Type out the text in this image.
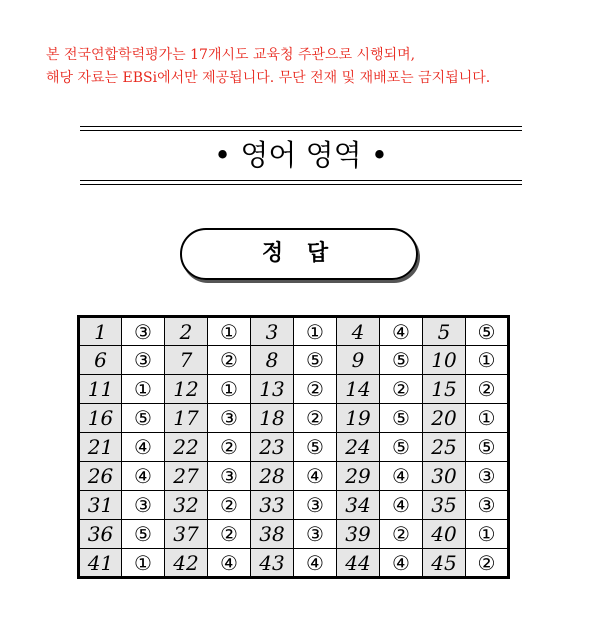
본 전국연합학력평가는 17개시도 교육청 주관으로 시행되며,
해당 자료는 EBSi에서만 제공됩니다. 무단 전재 및 재배포는 금지됩니다.
• 영어 영역 •
정 답
1	③	2	①	3	①	4	④	5	⑤
6	③	7	②	8	⑤	9	⑤	10	①
11	①	12	①	13	②	14	②	15	②
16	⑤	17	③	18	②	19	⑤	20	①
21	④	22	②	23	⑤	24	⑤	25	⑤
26	④	27	③	28	④	29	④	30	③
31	③	32	②	33	③	34	④	35	③
36	⑤	37	②	38	③	39	②	40	①
41	①	42	④	43	④	44	④	45	②
